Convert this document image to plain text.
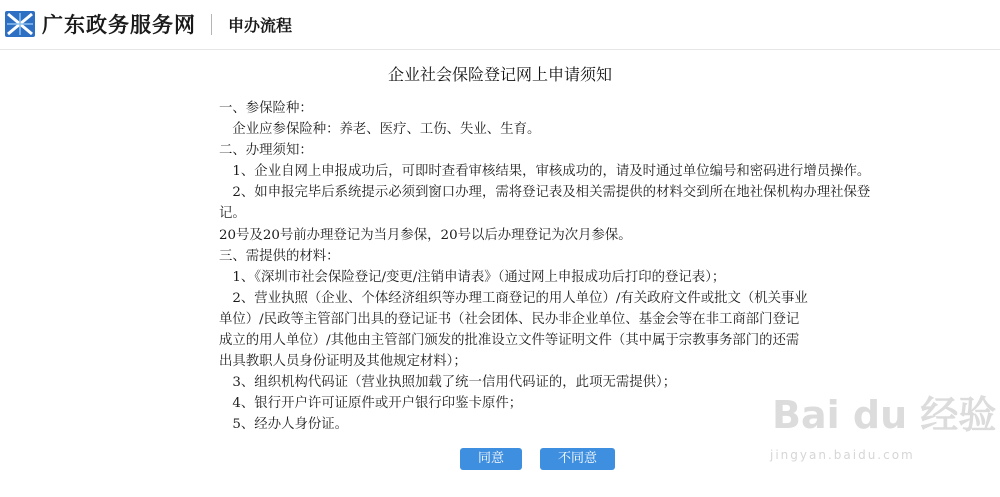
广东政务服务网 申办流程
企业社会保险登记网上申请须知

一、参保险种：

　企业应参保险种：养老、医疗、工伤、失业、生育。

二、办理须知：

　1、企业自网上申报成功后，可即时查看审核结果，审核成功的，请及时通过单位编号和密码进行增员操作。

　2、如申报完毕后系统提示必须到窗口办理，需将登记表及相关需提供的材料交到所在地社保机构办理社保登

记。

20号及20号前办理登记为当月参保，20号以后办理登记为次月参保。

三、需提供的材料：

　1、《深圳市社会保险登记/变更/注销申请表》（通过网上申报成功后打印的登记表）；

　2、营业执照（企业、个体经济组织等办理工商登记的用人单位）/有关政府文件或批文（机关事业

单位）/民政等主管部门出具的登记证书（社会团体、民办非企业单位、基金会等在非工商部门登记

成立的用人单位）/其他由主管部门颁发的批准设立文件等证明文件（其中属于宗教事务部门的还需

出具教职人员身份证明及其他规定材料）；

　3、组织机构代码证（营业执照加载了统一信用代码证的，此项无需提供）；

　4、银行开户许可证原件或开户银行印鉴卡原件；

　5、经办人身份证。

同意	不同意
Bai du 经验
jingyan.baidu.com
